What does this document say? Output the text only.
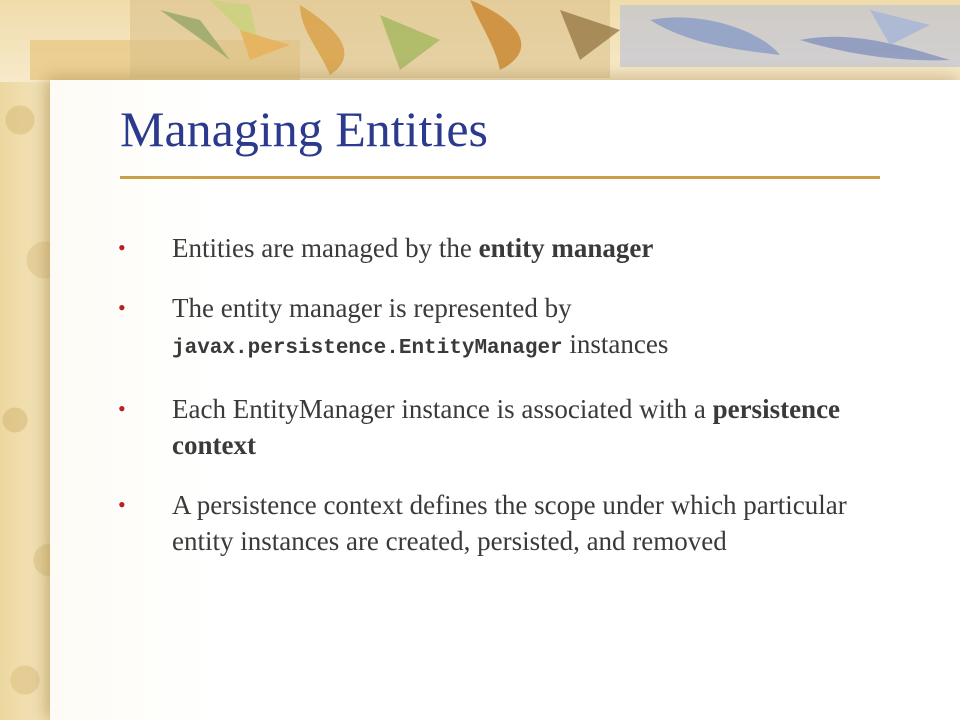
Managing Entities
• Entities are managed by the entity manager
• The entity manager is represented by
javax.persistence.EntityManager instances
• Each EntityManager instance is associated with a persistence context
• A persistence context defines the scope under which particular entity instances are created, persisted, and removed
